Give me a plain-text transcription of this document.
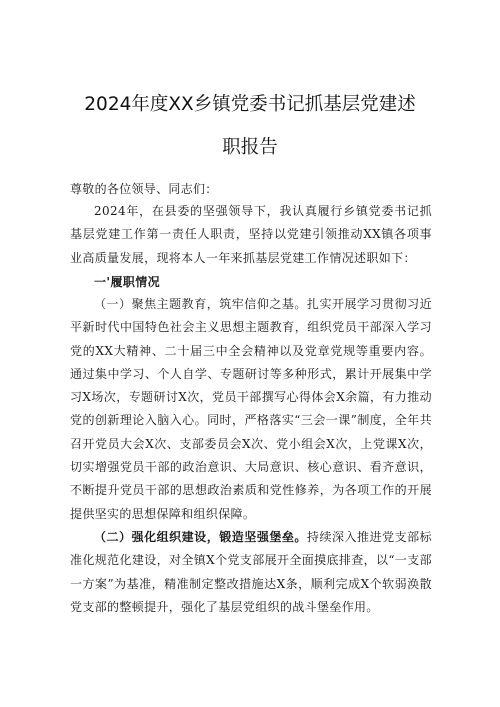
2024年度XX乡镇党委书记抓基层党建述
职报告
尊敬的各位领导、同志们：
2024年，在县委的坚强领导下，我认真履行乡镇党委书记抓基层党建工作第一责任人职责，坚持以党建引领推动XX镇各项事业高质量发展，现将本人一年来抓基层党建工作情况述职如下：
一'履职情况
（一）聚焦主题教育，筑牢信仰之基。扎实开展学习贯彻习近平新时代中国特色社会主义思想主题教育，组织党员干部深入学习党的XX大精神、二十届三中全会精神以及党章党规等重要内容。通过集中学习、个人自学、专题研讨等多种形式，累计开展集中学习X场次，专题研讨X次，党员干部撰写心得体会X余篇，有力推动党的创新理论入脑入心。同时，严格落实“三会一课”制度，全年共召开党员大会X次、支部委员会X次、党小组会X次，上党课X次，切实增强党员干部的政治意识、大局意识、核心意识、看齐意识，不断提升党员干部的思想政治素质和党性修养，为各项工作的开展提供坚实的思想保障和组织保障。
（二）强化组织建设，锻造坚强堡垒。持续深入推进党支部标准化规范化建设，对全镇X个党支部展开全面摸底排查，以“一支部一方案”为基准，精准制定整改措施达X条，顺利完成X个软弱涣散党支部的整顿提升，强化了基层党组织的战斗堡垒作用。
